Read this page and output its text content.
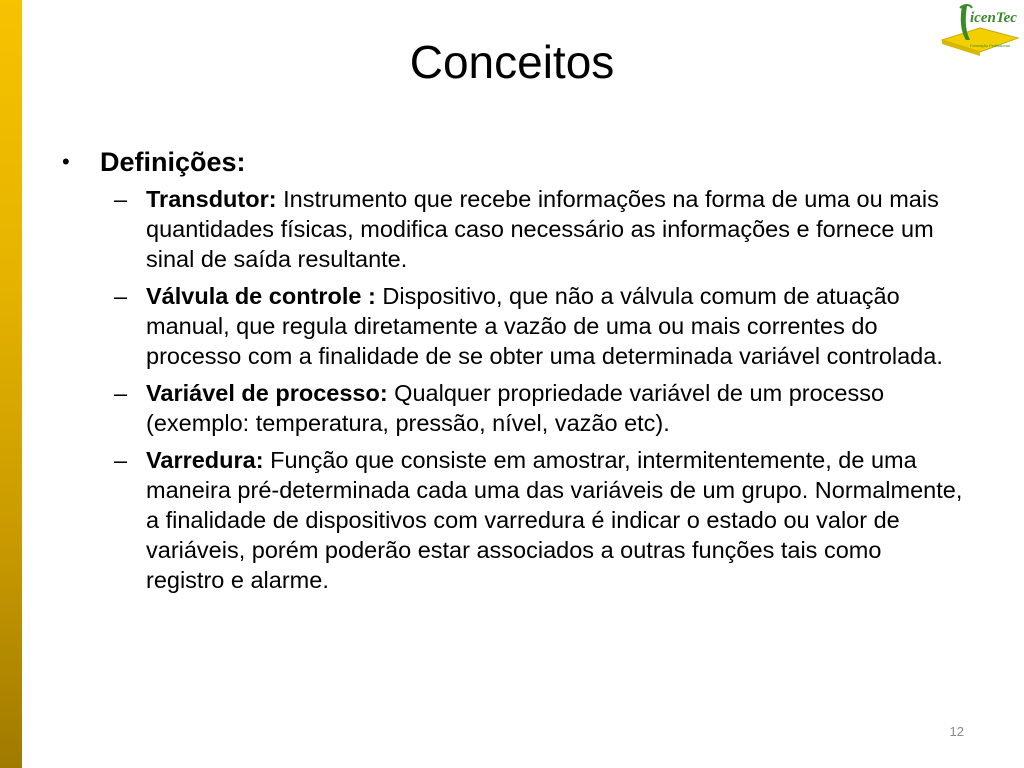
Conceitos
icenTec
Formação Profissional
•	Definições:
– Transdutor: Instrumento que recebe informações na forma de uma ou mais quantidades físicas, modifica caso necessário as informações e fornece um sinal de saída resultante.
– Válvula de controle : Dispositivo, que não a válvula comum de atuação manual, que regula diretamente a vazão de uma ou mais correntes do processo com a finalidade de se obter uma determinada variável controlada.
– Variável de processo: Qualquer propriedade variável de um processo (exemplo: temperatura, pressão, nível, vazão etc).
– Varredura: Função que consiste em amostrar, intermitentemente, de uma maneira pré-determinada cada uma das variáveis de um grupo. Normalmente, a finalidade de dispositivos com varredura é indicar o estado ou valor de variáveis, porém poderão estar associados a outras funções tais como registro e alarme.
12
